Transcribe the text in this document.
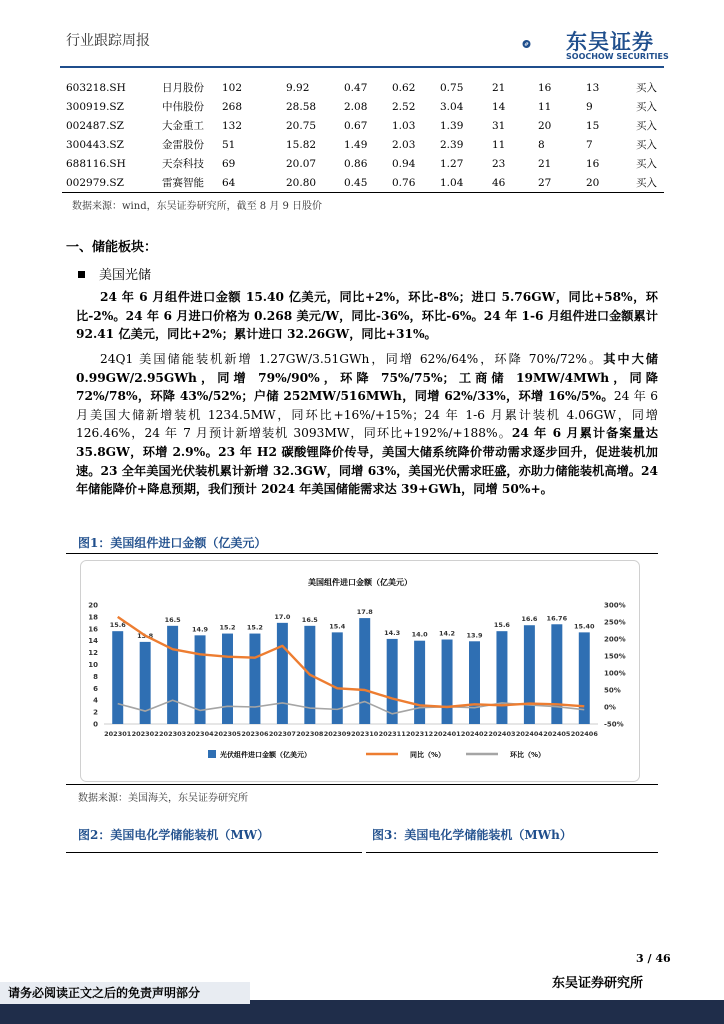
行业跟踪周报	东吴证券
SOOCHOW SECURITIES
603218.SH	日月股份	102	9.92	0.47	0.62	0.75	21	16	13	买入
300919.SZ	中伟股份	268	28.58	2.08	2.52	3.04	14	11	9	买入
002487.SZ	大金重工	132	20.75	0.67	1.03	1.39	31	20	15	买入
300443.SZ	金雷股份	51	15.82	1.49	2.03	2.39	11	8	7	买入
688116.SH	天奈科技	69	20.07	0.86	0.94	1.27	23	21	16	买入
002979.SZ	雷赛智能	64	20.80	0.45	0.76	1.04	46	27	20	买入
数据来源：wind，东吴证券研究所，截至 8 月 9 日股价
一、储能板块：
美国光储
24 年 6 月组件进口金额 15.40 亿美元，同比+2%，环比-8%；进口 5.76GW，同比+58%，环比-2%。24 年 6 月进口价格为 0.268 美元/W，同比-36%，环比-6%。24 年 1-6 月组件进口金额累计 92.41 亿美元，同比+2%；累计进口 32.26GW，同比+31%。
24Q1 美国储能装机新增 1.27GW/3.51GWh，同增 62%/64%，环降 70%/72%。其中大储 0.99GW/2.95GWh，同增 79%/90%，环降 75%/75%；工商储 19MW/4MWh，同降 72%/78%，环降 43%/52%；户储 252MW/516MWh，同增 62%/33%，环增 16%/5%。24 年 6 月美国大储新增装机 1234.5MW，同环比+16%/+15%；24 年 1-6 月累计装机 4.06GW，同增 126.46%，24 年 7 月预计新增装机 3093MW，同环比+192%/+188%。24 年 6 月累计备案量达 35.8GW，环增 2.9%。23 年 H2 碳酸锂降价传导，美国大储系统降价带动需求逐步回升，促进装机加速。23 全年美国光伏装机累计新增 32.3GW，同增 63%，美国光伏需求旺盛，亦助力储能装机高增。24 年储能降价+降息预期，我们预计 2024 年美国储能需求达 39+GWh，同增 50%+。
图1：美国组件进口金额（亿美元）
美国组件进口金额（亿美元）
0
2
4
6
8
10
12
14
16
18
20
-50%
0%
50%
100%
150%
200%
250%
300%
15.6
13.8
16.5
14.9 15.2 15.2
17.0 16.5
15.4
17.8
14.3 14.0 14.2 13.9
15.6
16.6 16.76
15.40
202301 202302 202303 202304 202305 202306 202307 202308 202309 202310 202311 202312 202401 202402 202403 202404 202405 202406
光伏组件进口金额（亿美元）	同比（%）	环比（%）
数据来源：美国海关，东吴证券研究所
图2：美国电化学储能装机（MW）	图3：美国电化学储能装机（MWh）
3 / 46
东吴证券研究所
请务必阅读正文之后的免责声明部分
